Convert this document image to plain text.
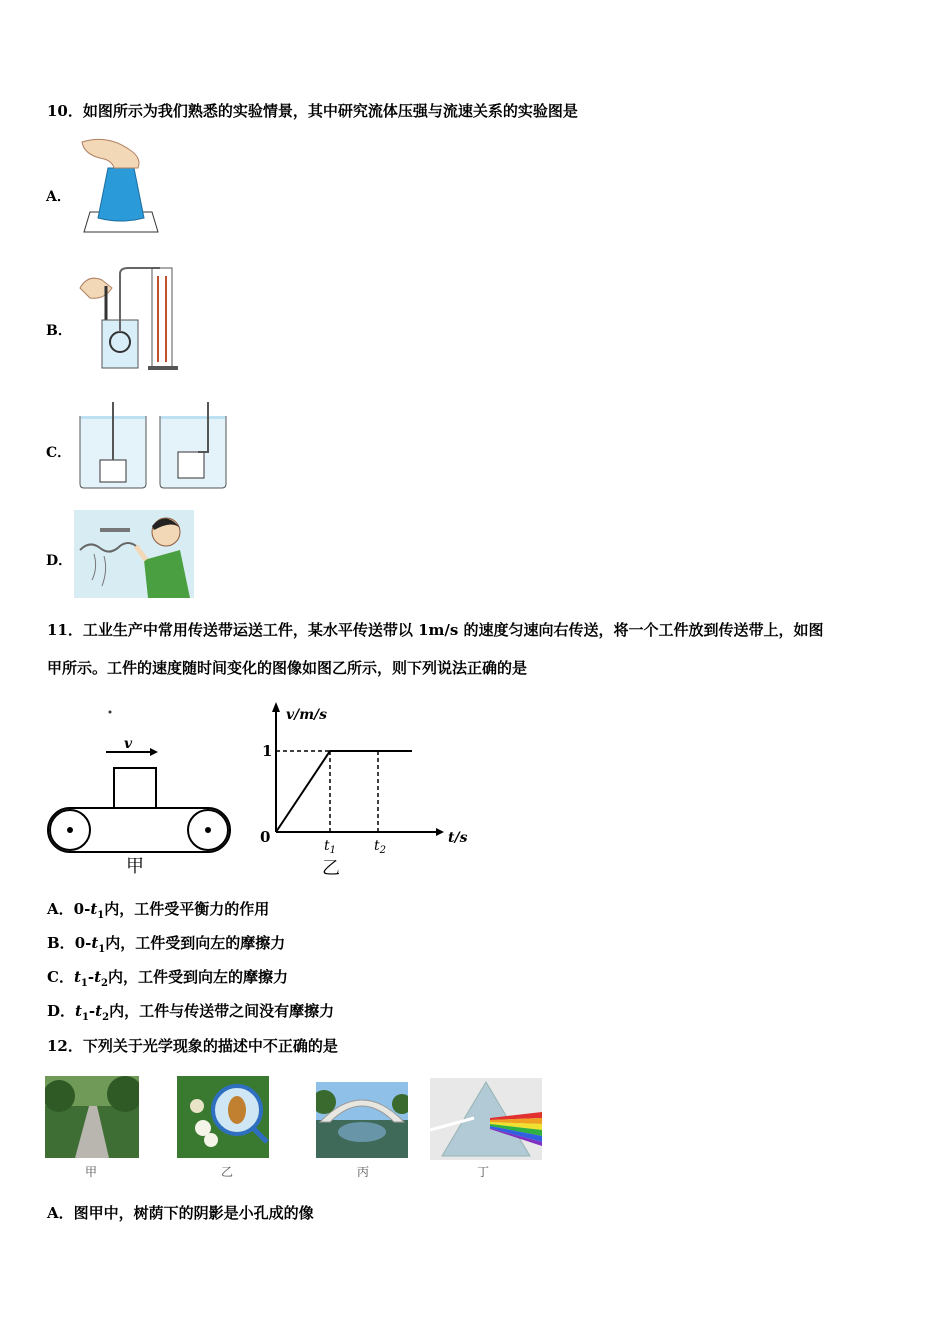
10．如图所示为我们熟悉的实验情景，其中研究流体压强与流速关系的实验图是
A．
B．
C．
D．
11．工业生产中常用传送带运送工件，某水平传送带以 1m/s 的速度匀速向右传送，将一个工件放到传送带上，如图
甲所示。工件的速度随时间变化的图像如图乙所示，则下列说法正确的是
v
甲
v/m/s
t/s
0
1
$t_1$	$t_2$
乙
A．$0-t_1$内，工件受平衡力的作用
B．$0-t_1$内，工件受到向左的摩擦力
C．$t_1-t_2$内，工件受到向左的摩擦力
D．$t_1-t_2$内，工件与传送带之间没有摩擦力
12．下列关于光学现象的描述中不正确的是
甲	乙	丙	丁
A．图甲中，树荫下的阴影是小孔成的像
